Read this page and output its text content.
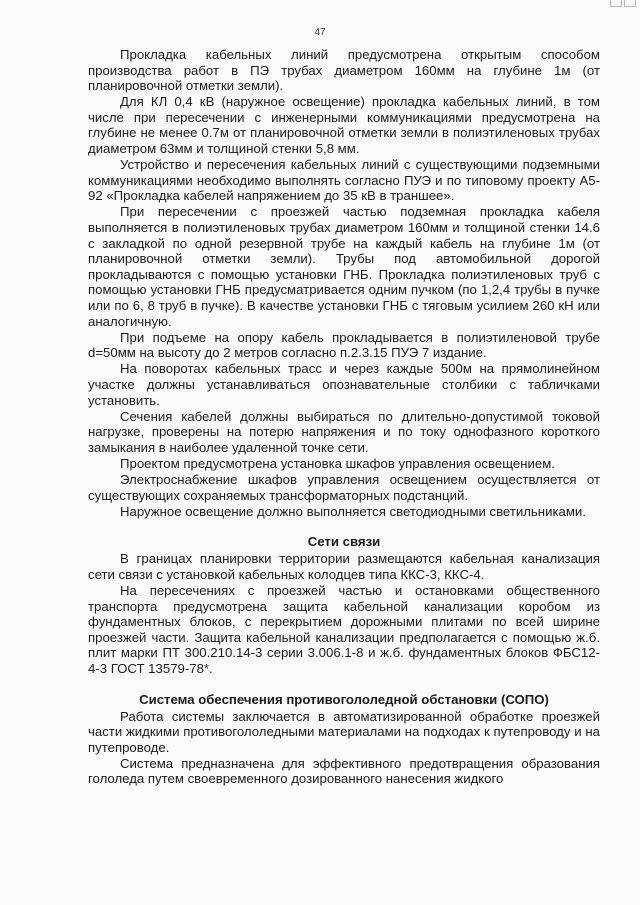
47

Прокладка кабельных линий предусмотрена открытым способом производства работ в ПЭ трубах диаметром 160мм на глубине 1м (от планировочной отметки земли).

Для КЛ 0,4 кВ (наружное освещение) прокладка кабельных линий, в том числе при пересечении с инженерными коммуникациями предусмотрена на глубине не менее 0.7м от планировочной отметки земли в полиэтиленовых трубах диаметром 63мм и толщиной стенки 5,8 мм.

Устройство и пересечения кабельных линий с существующими подземными коммуникациями необходимо выполнять согласно ПУЭ и по типовому проекту А5-92 «Прокладка кабелей напряжением до 35 кВ в траншее».

При пересечении с проезжей частью подземная прокладка кабеля выполняется в полиэтиленовых трубах диаметром 160мм и толщиной стенки 14.6 с закладкой по одной резервной трубе на каждый кабель на глубине 1м (от планировочной отметки земли). Трубы под автомобильной дорогой прокладываются с помощью установки ГНБ. Прокладка полиэтиленовых труб с помощью установки ГНБ предусматривается одним пучком (по 1,2,4 трубы в пучке или по 6, 8 труб в пучке). В качестве установки ГНБ с тяговым усилием 260 кН или аналогичную.

При подъеме на опору кабель прокладывается в полиэтиленовой трубе d=50мм на высоту до 2 метров согласно п.2.3.15 ПУЭ 7 издание.

На поворотах кабельных трасс и через каждые 500м на прямолинейном участке должны устанавливаться опознавательные столбики с табличками установить.

Сечения кабелей должны выбираться по длительно-допустимой токовой нагрузке, проверены на потерю напряжения и по току однофазного короткого замыкания в наиболее удаленной точке сети.

Проектом предусмотрена установка шкафов управления освещением.

Электроснабжение шкафов управления освещением осуществляется от существующих сохраняемых трансформаторных подстанций.

Наружное освещение должно выполняется светодиодными светильниками.

Сети связи

В границах планировки территории размещаются кабельная канализация сети связи с установкой кабельных колодцев типа ККС-3, ККС-4.

На пересечениях с проезжей частью и остановками общественного транспорта предусмотрена защита кабельной канализации коробом из фундаментных блоков, с перекрытием дорожными плитами по всей ширине проезжей части. Защита кабельной канализации предполагается с помощью ж.б. плит марки ПТ 300.210.14-3 серии 3.006.1-8 и ж.б. фундаментных блоков ФБС12-4-3 ГОСТ 13579-78*.

Система обеспечения противогололедной обстановки (СОПО)

Работа системы заключается в автоматизированной обработке проезжей части жидкими противогололедными материалами на подходах к путепроводу и на путепроводе.

Система предназначена для эффективного предотвращения образования гололеда путем своевременного дозированного нанесения жидкого
